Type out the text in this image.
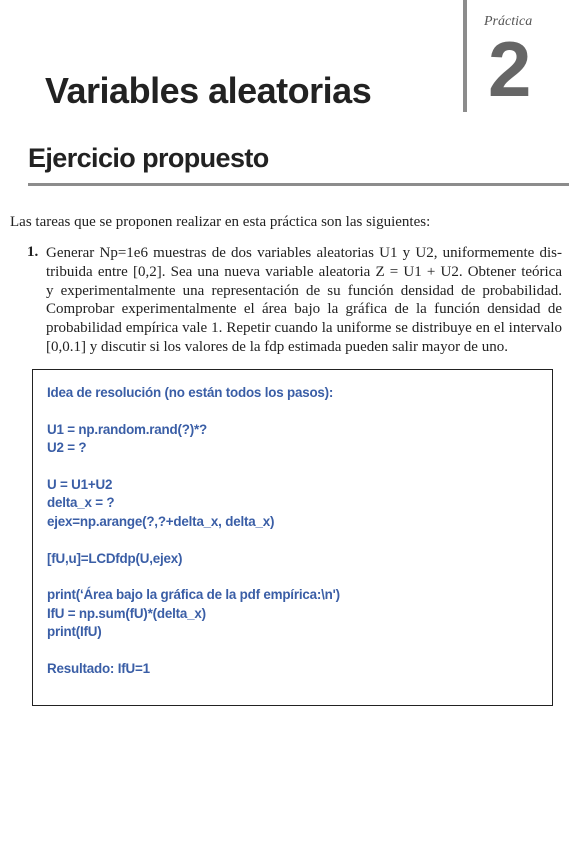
Práctica
2
Variables aleatorias
Ejercicio propuesto
Las tareas que se proponen realizar en esta práctica son las siguientes:
1. Generar Np=1e6 muestras de dos variables aleatorias U1 y U2, uniformemente dis-
tribuida entre [0,2]. Sea una nueva variable aleatoria Z = U1 + U2. Obtener teórica
y experimentalmente una representación de su función densidad de probabilidad.
Comprobar experimentalmente el área bajo la gráfica de la función densidad de
probabilidad empírica vale 1. Repetir cuando la uniforme se distribuye en el intervalo
[0,0.1] y discutir si los valores de la fdp estimada pueden salir mayor de uno.
Idea de resolución (no están todos los pasos):
U1 = np.random.rand(?)*?
U2 = ?
U = U1+U2
delta_x = ?
ejex=np.arange(?,?+delta_x, delta_x)
[fU,u]=LCDfdp(U,ejex)
print(‘Área bajo la gráfica de la pdf empírica:\n')
IfU = np.sum(fU)*(delta_x)
print(IfU)
Resultado: IfU=1
